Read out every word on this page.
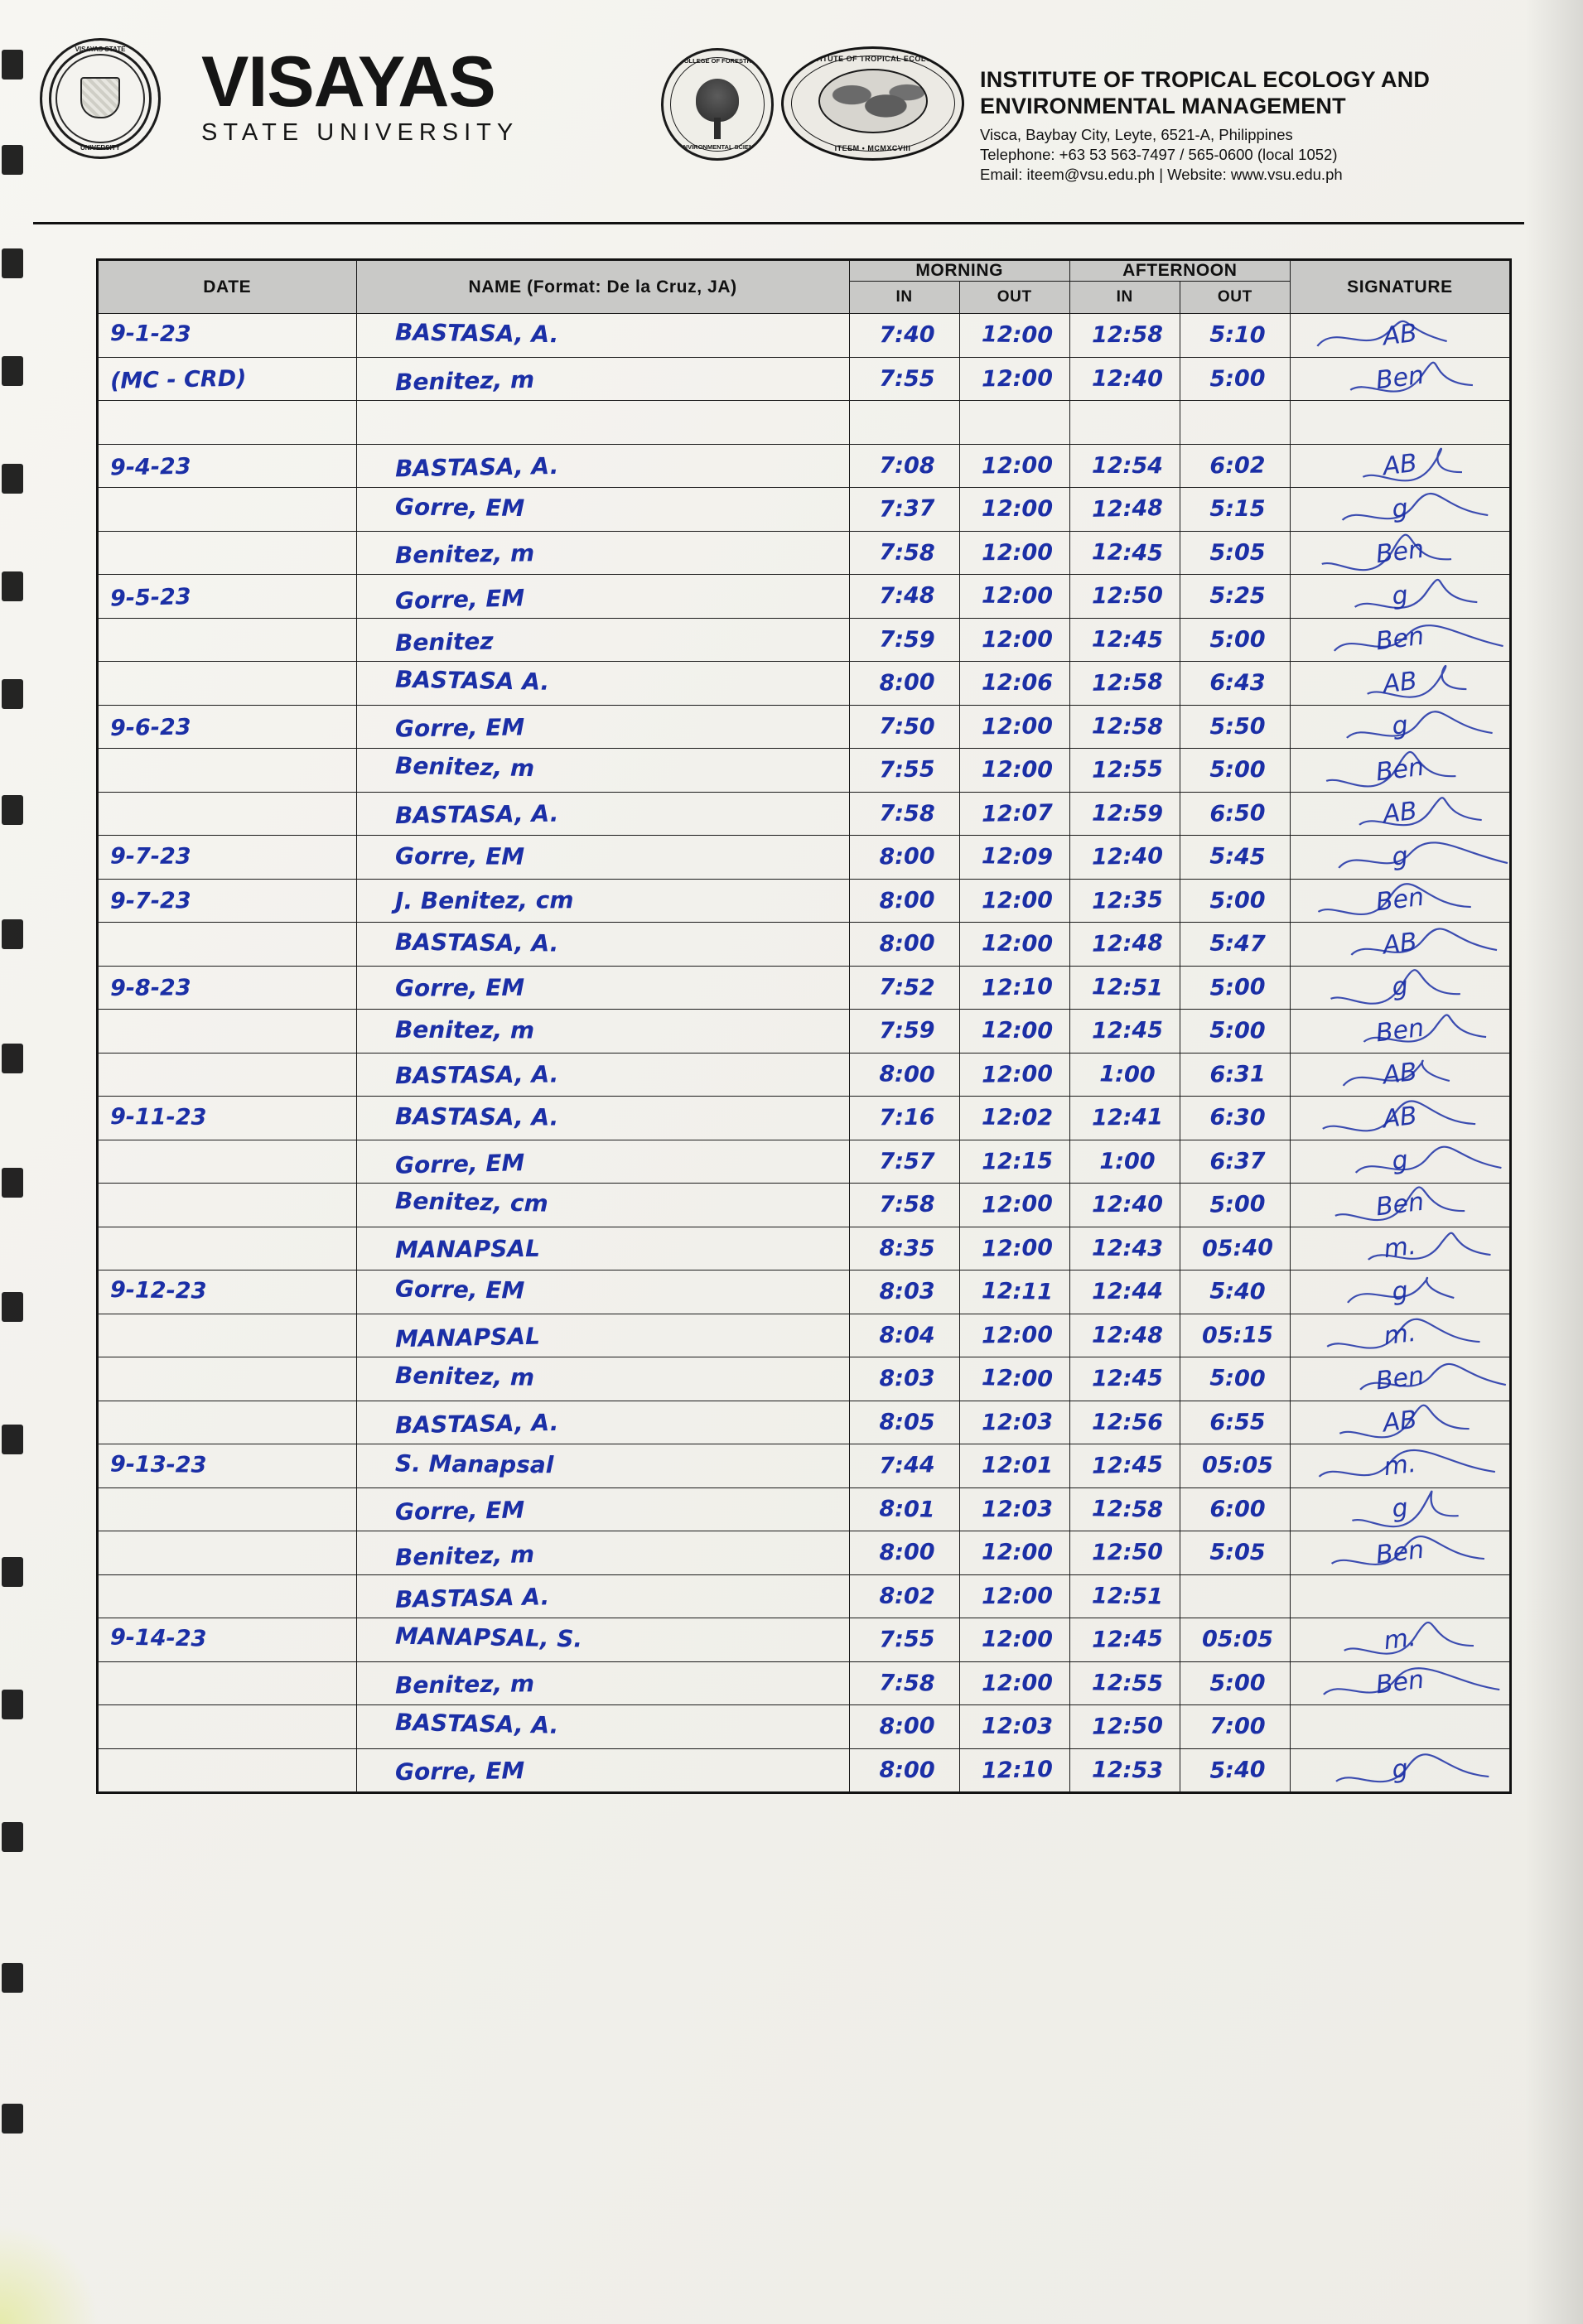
VISAYAS STATE
UNIVERSITY
VISAYAS
STATE UNIVERSITY
COLLEGE OF FORESTRY
& ENVIRONMENTAL SCIENCE
INSTITUTE OF TROPICAL ECOLOGY
ITEEM • MCMXCVIII
INSTITUTE OF TROPICAL ECOLOGY AND
ENVIRONMENTAL MANAGEMENT
Visca, Baybay City, Leyte, 6521-A, Philippines
Telephone: +63 53 563-7497 / 565-0600 (local 1052)
Email: iteem@vsu.edu.ph | Website: www.vsu.edu.ph
DATE	NAME (Format: De la Cruz, JA)	MORNING		AFTERNOON		SIGNATURE
		IN	OUT	IN	OUT	

9-1-23	BASTASA, A.	7:40	12:00	12:58	5:10	AB

(MC - CRD)	Benitez, m	7:55	12:00	12:40	5:00	Ben

9-4-23	BASTASA, A.	7:08	12:00	12:54	6:02	AB

	Gorre, EM	7:37	12:00	12:48	5:15	g

	Benitez, m	7:58	12:00	12:45	5:05	Ben

9-5-23	Gorre, EM	7:48	12:00	12:50	5:25	g

	Benitez	7:59	12:00	12:45	5:00	Ben

	BASTASA A.	8:00	12:06	12:58	6:43	AB

9-6-23	Gorre, EM	7:50	12:00	12:58	5:50	g

	Benitez, m	7:55	12:00	12:55	5:00	Ben

	BASTASA, A.	7:58	12:07	12:59	6:50	AB

9-7-23	Gorre, EM	8:00	12:09	12:40	5:45	g

9-7-23	J. Benitez, cm	8:00	12:00	12:35	5:00	Ben

	BASTASA, A.	8:00	12:00	12:48	5:47	AB

9-8-23	Gorre, EM	7:52	12:10	12:51	5:00	g

	Benitez, m	7:59	12:00	12:45	5:00	Ben

	BASTASA, A.	8:00	12:00	1:00	6:31	AB

9-11-23	BASTASA, A.	7:16	12:02	12:41	6:30	AB

	Gorre, EM	7:57	12:15	1:00	6:37	g

	Benitez, cm	7:58	12:00	12:40	5:00	Ben

	MANAPSAL	8:35	12:00	12:43	05:40	m.

9-12-23	Gorre, EM	8:03	12:11	12:44	5:40	g

	MANAPSAL	8:04	12:00	12:48	05:15	m.

	Benitez, m	8:03	12:00	12:45	5:00	Ben

	BASTASA, A.	8:05	12:03	12:56	6:55	AB

9-13-23	S. Manapsal	7:44	12:01	12:45	05:05	m.

	Gorre, EM	8:01	12:03	12:58	6:00	g

	Benitez, m	8:00	12:00	12:50	5:05	Ben

	BASTASA A.	8:02	12:00	12:51		

9-14-23	MANAPSAL, S.	7:55	12:00	12:45	05:05	m.

	Benitez, m	7:58	12:00	12:55	5:00	Ben

	BASTASA, A.	8:00	12:03	12:50	7:00	

	Gorre, EM	8:00	12:10	12:53	5:40	g
